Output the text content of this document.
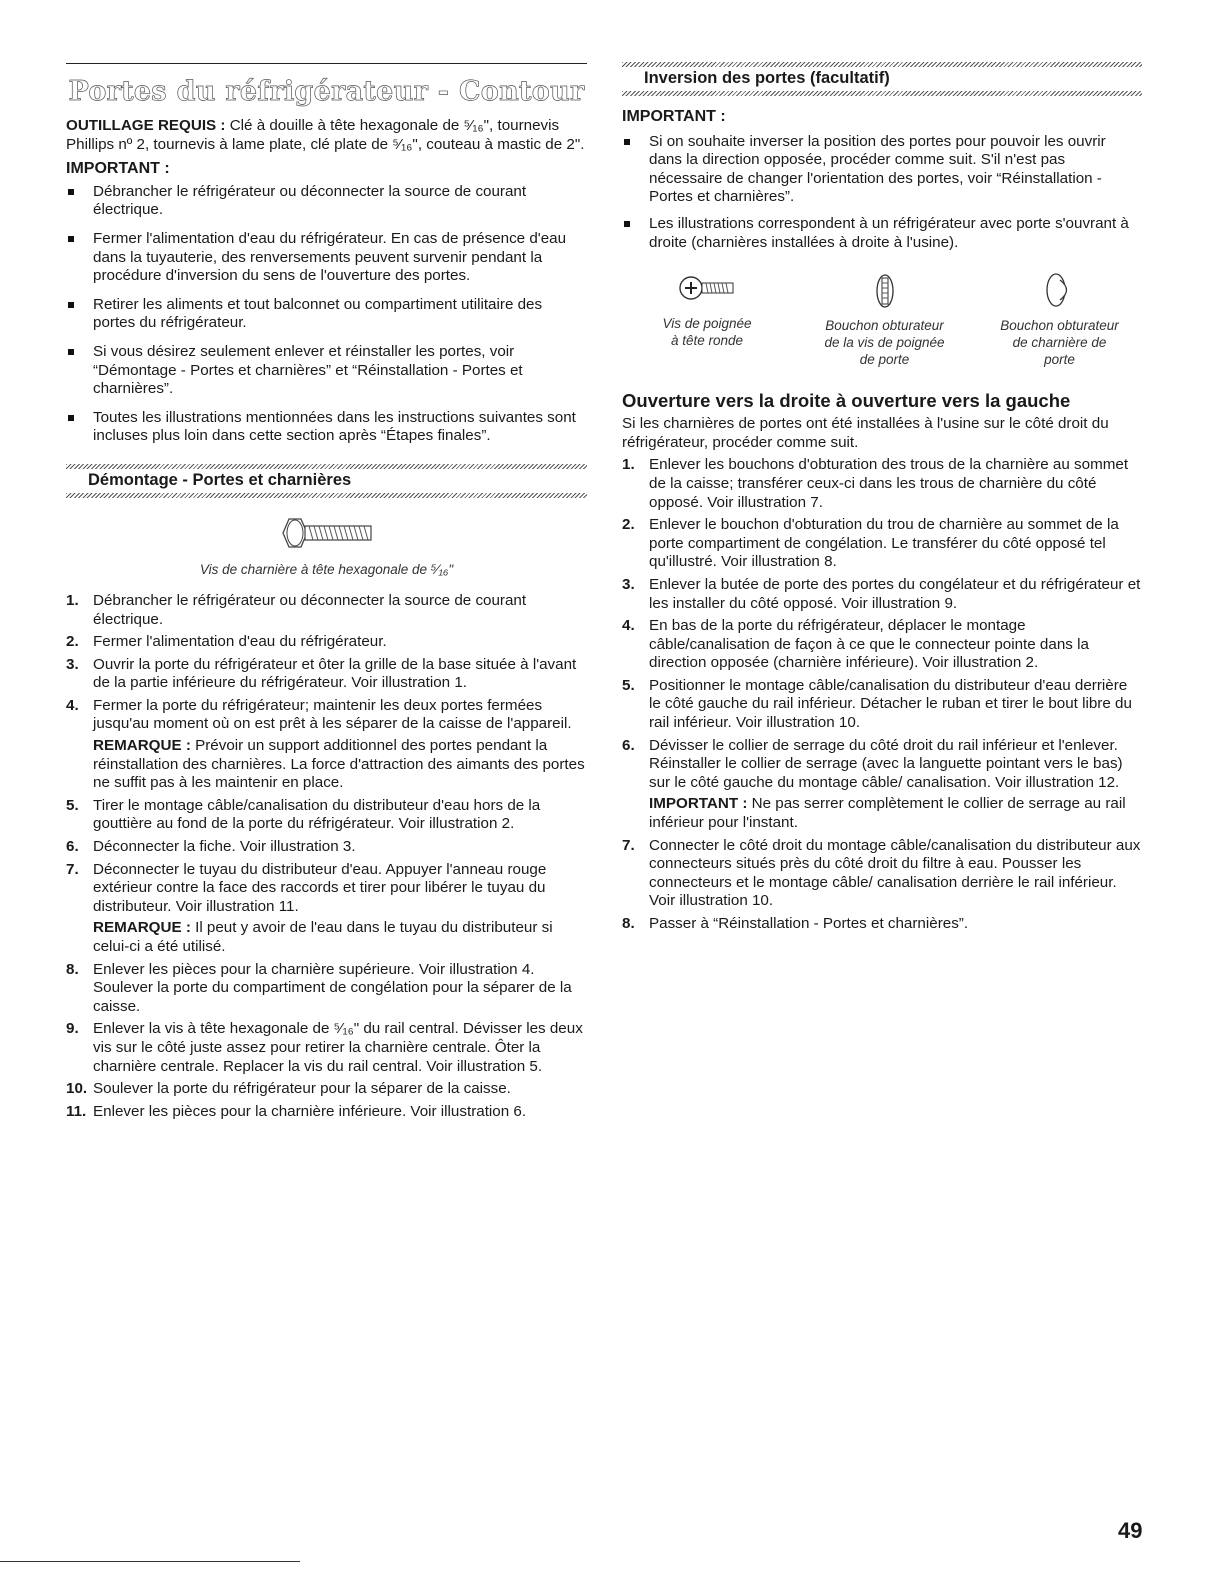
Portes du réfrigérateur - Contour

OUTILLAGE REQUIS : Clé à douille à tête hexagonale de ⁵⁄₁₆", tournevis Phillips nº 2, tournevis à lame plate, clé plate de ⁵⁄₁₆", couteau à mastic de 2".

IMPORTANT :

Débrancher le réfrigérateur ou déconnecter la source de courant électrique.
Fermer l'alimentation d'eau du réfrigérateur. En cas de présence d'eau dans la tuyauterie, des renversements peuvent survenir pendant la procédure d'inversion du sens de l'ouverture des portes.
Retirer les aliments et tout balconnet ou compartiment utilitaire des portes du réfrigérateur.
Si vous désirez seulement enlever et réinstaller les portes, voir “Démontage - Portes et charnières” et “Réinstallation - Portes et charnières”.
Toutes les illustrations mentionnées dans les instructions suivantes sont incluses plus loin dans cette section après “Étapes finales”.
Démontage - Portes et charnières
Vis de charnière à tête hexagonale de ⁵⁄₁₆"
1. Débrancher le réfrigérateur ou déconnecter la source de courant électrique.
2. Fermer l'alimentation d'eau du réfrigérateur.
3. Ouvrir la porte du réfrigérateur et ôter la grille de la base située à l'avant de la partie inférieure du réfrigérateur. Voir illustration 1.
4. Fermer la porte du réfrigérateur; maintenir les deux portes fermées jusqu'au moment où on est prêt à les séparer de la caisse de l'appareil.

REMARQUE : Prévoir un support additionnel des portes pendant la réinstallation des charnières. La force d'attraction des aimants des portes ne suffit pas à les maintenir en place.

5. Tirer le montage câble/canalisation du distributeur d'eau hors de la gouttière au fond de la porte du réfrigérateur. Voir illustration 2.
6. Déconnecter la fiche. Voir illustration 3.
7. Déconnecter le tuyau du distributeur d'eau. Appuyer l'anneau rouge extérieur contre la face des raccords et tirer pour libérer le tuyau du distributeur. Voir illustration 11.

REMARQUE : Il peut y avoir de l'eau dans le tuyau du distributeur si celui-ci a été utilisé.

8. Enlever les pièces pour la charnière supérieure. Voir illustration 4. Soulever la porte du compartiment de congélation pour la séparer de la caisse.
9. Enlever la vis à tête hexagonale de ⁵⁄₁₆" du rail central. Dévisser les deux vis sur le côté juste assez pour retirer la charnière centrale. Ôter la charnière centrale. Replacer la vis du rail central. Voir illustration 5.
10. Soulever la porte du réfrigérateur pour la séparer de la caisse.
11. Enlever les pièces pour la charnière inférieure. Voir illustration 6.
Inversion des portes (facultatif)

IMPORTANT :

Si on souhaite inverser la position des portes pour pouvoir les ouvrir dans la direction opposée, procéder comme suit. S'il n'est pas nécessaire de changer l'orientation des portes, voir “Réinstallation - Portes et charnières”.
Les illustrations correspondent à un réfrigérateur avec porte s'ouvrant à droite (charnières installées à droite à l'usine).
Vis de poignée
à tête ronde
Bouchon obturateur
de la vis de poignée
de porte
Bouchon obturateur
de charnière de
porte
Ouverture vers la droite à ouverture vers la gauche

Si les charnières de portes ont été installées à l'usine sur le côté droit du réfrigérateur, procéder comme suit.

1. Enlever les bouchons d'obturation des trous de la charnière au sommet de la caisse; transférer ceux-ci dans les trous de charnière du côté opposé. Voir illustration 7.
2. Enlever le bouchon d'obturation du trou de charnière au sommet de la porte compartiment de congélation. Le transférer du côté opposé tel qu'illustré. Voir illustration 8.
3. Enlever la butée de porte des portes du congélateur et du réfrigérateur et les installer du côté opposé. Voir illustration 9.
4. En bas de la porte du réfrigérateur, déplacer le montage câble/canalisation de façon à ce que le connecteur pointe dans la direction opposée (charnière inférieure). Voir illustration 2.
5. Positionner le montage câble/canalisation du distributeur d'eau derrière le côté gauche du rail inférieur. Détacher le ruban et tirer le bout libre du rail inférieur. Voir illustration 10.
6. Dévisser le collier de serrage du côté droit du rail inférieur et l'enlever. Réinstaller le collier de serrage (avec la languette pointant vers le bas) sur le côté gauche du montage câble/ canalisation. Voir illustration 12.

IMPORTANT : Ne pas serrer complètement le collier de serrage au rail inférieur pour l'instant.

7. Connecter le côté droit du montage câble/canalisation du distributeur aux connecteurs situés près du côté droit du filtre à eau. Pousser les connecteurs et le montage câble/ canalisation derrière le rail inférieur. Voir illustration 10.
8. Passer à “Réinstallation - Portes et charnières”.
49
